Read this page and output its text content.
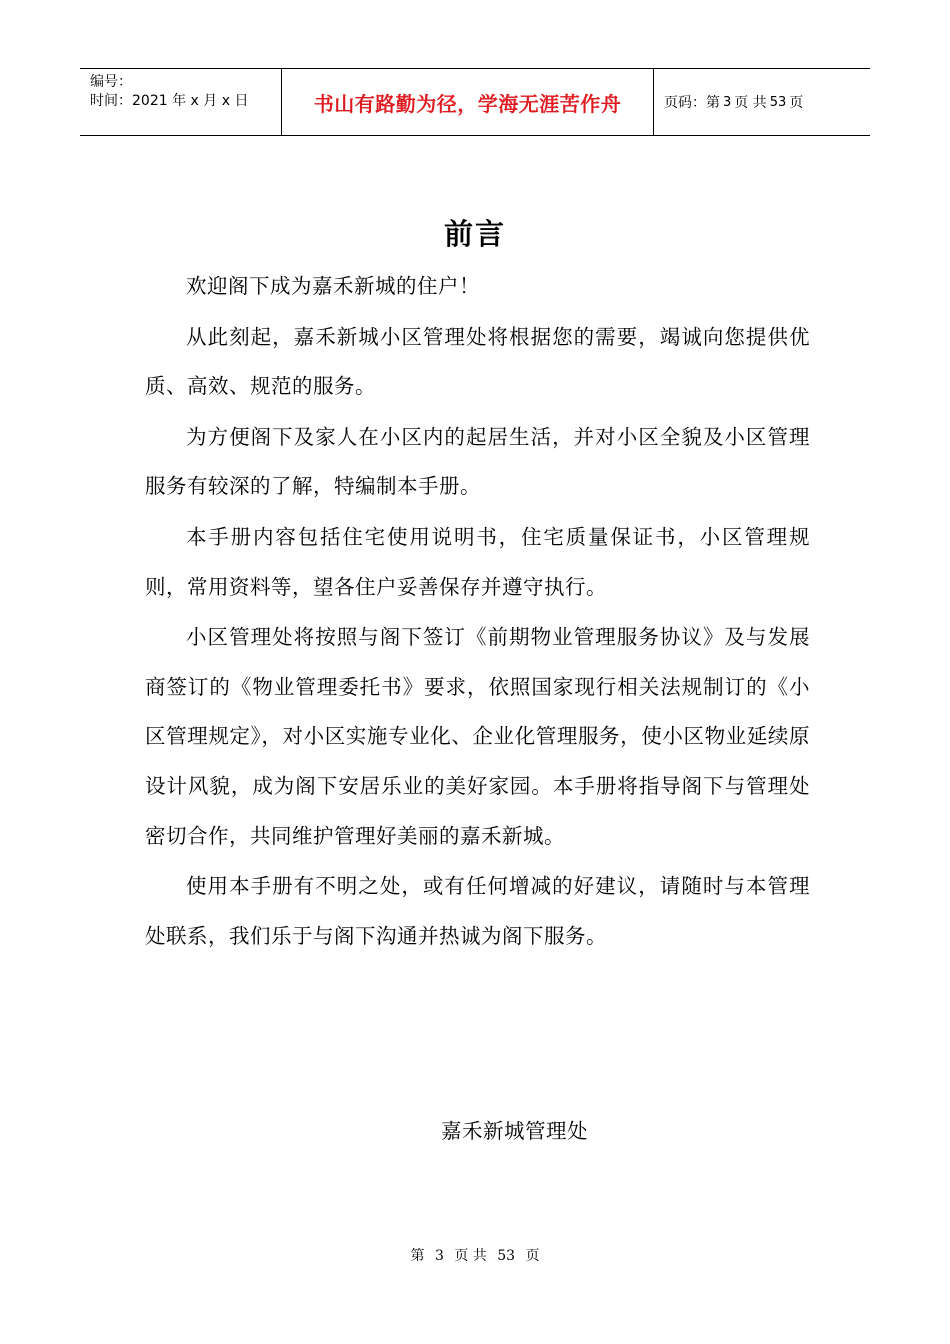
编号：
时间：2021 年 x 月 x 日	书山有路勤为径，学海无涯苦作舟	页码：第 3 页 共 53 页
前言

欢迎阁下成为嘉禾新城的住户！

从此刻起，嘉禾新城小区管理处将根据您的需要，竭诚向您提供优质、高效、规范的服务。

为方便阁下及家人在小区内的起居生活，并对小区全貌及小区管理服务有较深的了解，特编制本手册。

本手册内容包括住宅使用说明书，住宅质量保证书，小区管理规则，常用资料等，望各住户妥善保存并遵守执行。

小区管理处将按照与阁下签订《前期物业管理服务协议》及与发展商签订的《物业管理委托书》要求，依照国家现行相关法规制订的《小区管理规定》，对小区实施专业化、企业化管理服务，使小区物业延续原设计风貌，成为阁下安居乐业的美好家园。本手册将指导阁下与管理处密切合作，共同维护管理好美丽的嘉禾新城。

使用本手册有不明之处，或有任何增减的好建议，请随时与本管理处联系，我们乐于与阁下沟通并热诚为阁下服务。

嘉禾新城管理处
第 3 页 共 53 页
